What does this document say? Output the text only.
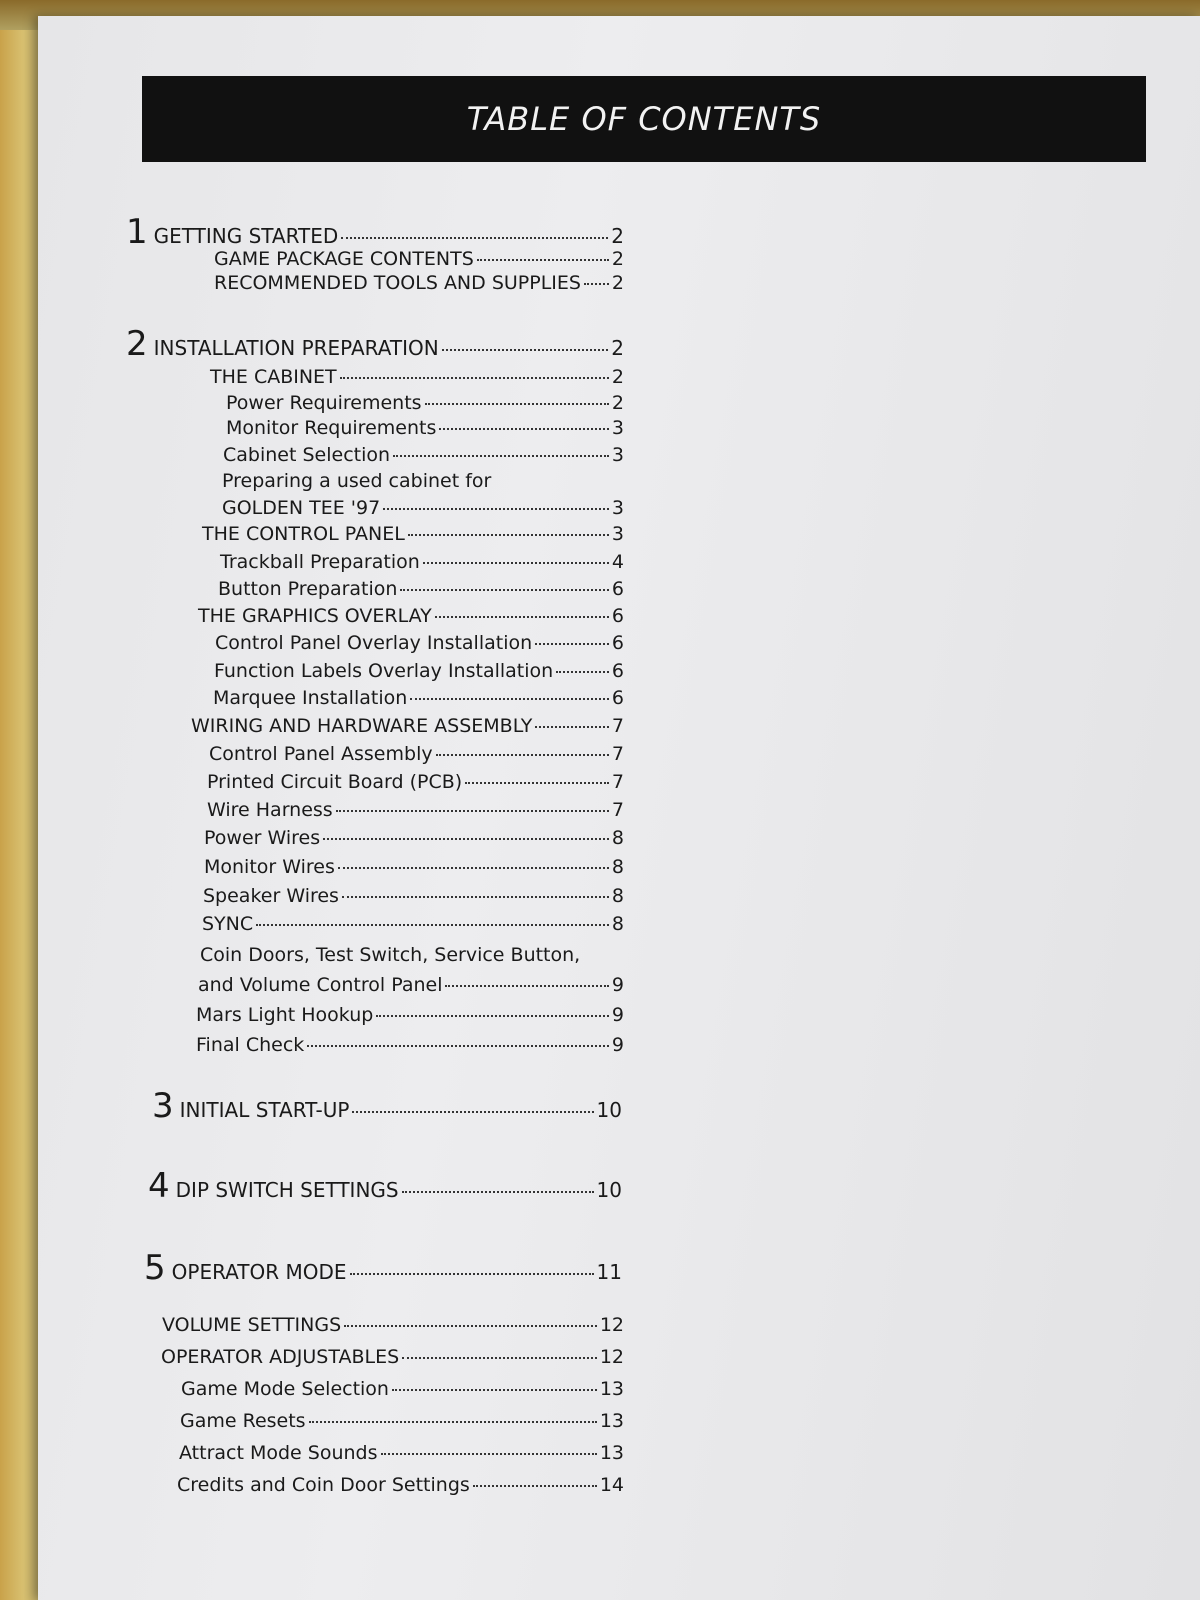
TABLE OF CONTENTS
1 GETTING STARTED	2
GAME PACKAGE CONTENTS	2
RECOMMENDED TOOLS AND SUPPLIES 2
2 INSTALLATION PREPARATION	2
THE CABINET	2
Power Requirements	2
Monitor Requirements	3
Cabinet Selection	3
Preparing a used cabinet for
GOLDEN TEE '97	3
THE CONTROL PANEL	3
Trackball Preparation	4
Button Preparation	6
THE GRAPHICS OVERLAY	6
Control Panel Overlay Installation	6
Function Labels Overlay Installation	6
Marquee Installation	6
WIRING AND HARDWARE ASSEMBLY	7
Control Panel Assembly	7
Printed Circuit Board (PCB)	7
Wire Harness	7
Power Wires	8
Monitor Wires	8
Speaker Wires	8
SYNC	8
Coin Doors, Test Switch, Service Button,
and Volume Control Panel	9
Mars Light Hookup	9
Final Check	9
3 INITIAL START-UP	10
4 DIP SWITCH SETTINGS	10
5 OPERATOR MODE	11
VOLUME SETTINGS	12
OPERATOR ADJUSTABLES	12
Game Mode Selection	13
Game Resets	13
Attract Mode Sounds	13
Credits and Coin Door Settings	14
